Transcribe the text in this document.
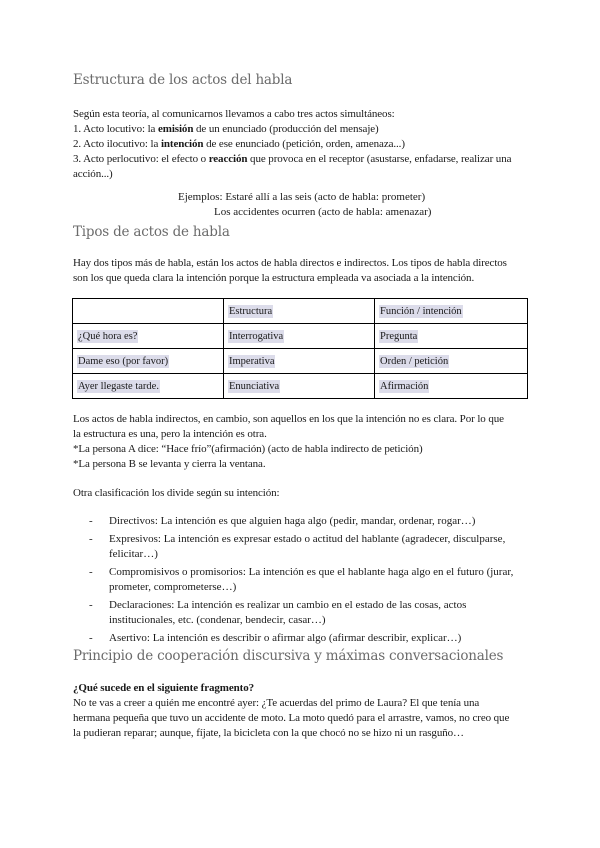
Estructura de los actos del habla

Según esta teoría, al comunicarnos llevamos a cabo tres actos simultáneos:

1. Acto locutivo: la emisión de un enunciado (producción del mensaje)

2. Acto ilocutivo: la intención de ese enunciado (petición, orden, amenaza...)

3. Acto perlocutivo: el efecto o reacción que provoca en el receptor (asustarse, enfadarse, realizar una

acción...)

Ejemplos: Estaré allí a las seis (acto de habla: prometer)

Los accidentes ocurren (acto de habla: amenazar)

Tipos de actos de habla

Hay dos tipos más de habla, están los actos de habla directos e indirectos. Los tipos de habla directos

son los que queda clara la intención porque la estructura empleada va asociada a la intención.

	Estructura	Función / intención
¿Qué hora es?	Interrogativa	Pregunta
Dame eso (por favor)	Imperativa	Orden / petición
Ayer llegaste tarde.	Enunciativa	Afirmación

Los actos de habla indirectos, en cambio, son aquellos en los que la intención no es clara. Por lo que

la estructura es una, pero la intención es otra.

*La persona A dice: “Hace frío”(afirmación) (acto de habla indirecto de petición)

*La persona B se levanta y cierra la ventana.

Otra clasificación los divide según su intención:

- Directivos: La intención es que alguien haga algo (pedir, mandar, ordenar, rogar…)
- Expresivos: La intención es expresar estado o actitud del hablante (agradecer, disculparse,
felicitar…)
- Compromisivos o promisorios: La intención es que el hablante haga algo en el futuro (jurar,
prometer, comprometerse…)
- Declaraciones: La intención es realizar un cambio en el estado de las cosas, actos
institucionales, etc. (condenar, bendecir, casar…)
- Asertivo: La intención es describir o afirmar algo (afirmar describir, explicar…)
Principio de cooperación discursiva y máximas conversacionales

¿Qué sucede en el siguiente fragmento?

No te vas a creer a quién me encontré ayer: ¿Te acuerdas del primo de Laura? El que tenía una

hermana pequeña que tuvo un accidente de moto. La moto quedó para el arrastre, vamos, no creo que

la pudieran reparar; aunque, fíjate, la bicicleta con la que chocó no se hizo ni un rasguño…
